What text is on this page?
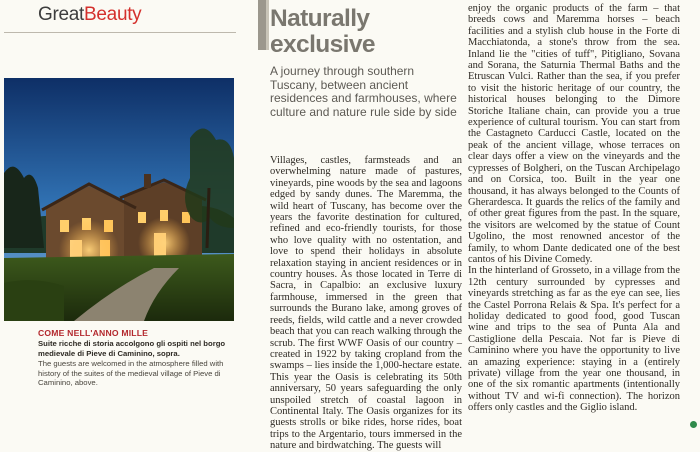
GreatBeauty
COME NELL'ANNO MILLE
Suite ricche di storia accolgono gli ospiti nel borgo medievale di Pieve di Caminino, sopra.
The guests are welcomed in the atmosphere filled with history of the suites of the medieval village of Pieve di Caminino, above.
Naturally
exclusive
A journey through southern Tuscany, between ancient residences and farmhouses, where culture and nature rule side by side

Villages, castles, farmsteads and an overwhelming nature made of pastures, vineyards, pine woods by the sea and lagoons edged by sandy dunes. The Maremma, the wild heart of Tuscany, has become over the years the favorite destination for cultured, refined and eco-friendly tourists, for those who love quality with no ostentation, and love to spend their holidays in absolute relaxation staying in ancient residences or in country houses. As those located in Terre di Sacra, in Capalbio: an exclusive luxury farmhouse, immersed in the green that surrounds the Burano lake, among groves of reeds, fields, wild cattle and a never crowded beach that you can reach walking through the scrub. The first WWF Oasis of our country – created in 1922 by taking cropland from the swamps – lies inside the 1,000-hectare estate. This year the Oasis is celebrating its 50th anniversary, 50 years safeguarding the only unspoiled stretch of coastal lagoon in Continental Italy. The Oasis organizes for its guests strolls or bike rides, horse rides, boat trips to the Argentario, tours immersed in the nature and birdwatching. The guests will

enjoy the organic products of the farm – that breeds cows and Maremma horses – beach facilities and a stylish club house in the Forte di Macchiatonda, a stone's throw from the sea. Inland lie the "cities of tuff", Pitigliano, Sovana and Sorana, the Saturnia Thermal Baths and the Etruscan Vulci. Rather than the sea, if you prefer to visit the historic heritage of our country, the historical houses belonging to the Dimore Storiche Italiane chain, can provide you a true experience of cultural tourism. You can start from the Castagneto Carducci Castle, located on the peak of the ancient village, whose terraces on clear days offer a view on the vineyards and the cypresses of Bolgheri, on the Tuscan Archipelago and on Corsica, too. Built in the year one thousand, it has always belonged to the Counts of Gherardesca. It guards the relics of the family and of other great figures from the past. In the square, the visitors are welcomed by the statue of Count Ugolino, the most renowned ancestor of the family, to whom Dante dedicated one of the best cantos of his Divine Comedy.

In the hinterland of Grosseto, in a village from the 12th century surrounded by cypresses and vineyards stretching as far as the eye can see, lies the Castel Porrona Relais & Spa. It's perfect for a holiday dedicated to good food, good Tuscan wine and trips to the sea of Punta Ala and Castiglione della Pescaia. Not far is Pieve di Caminino where you have the opportunity to live an amazing experience: staying in a (entirely private) village from the year one thousand, in one of the six romantic apartments (intentionally without TV and wi-fi connection). The horizon offers only castles and the Giglio island.
